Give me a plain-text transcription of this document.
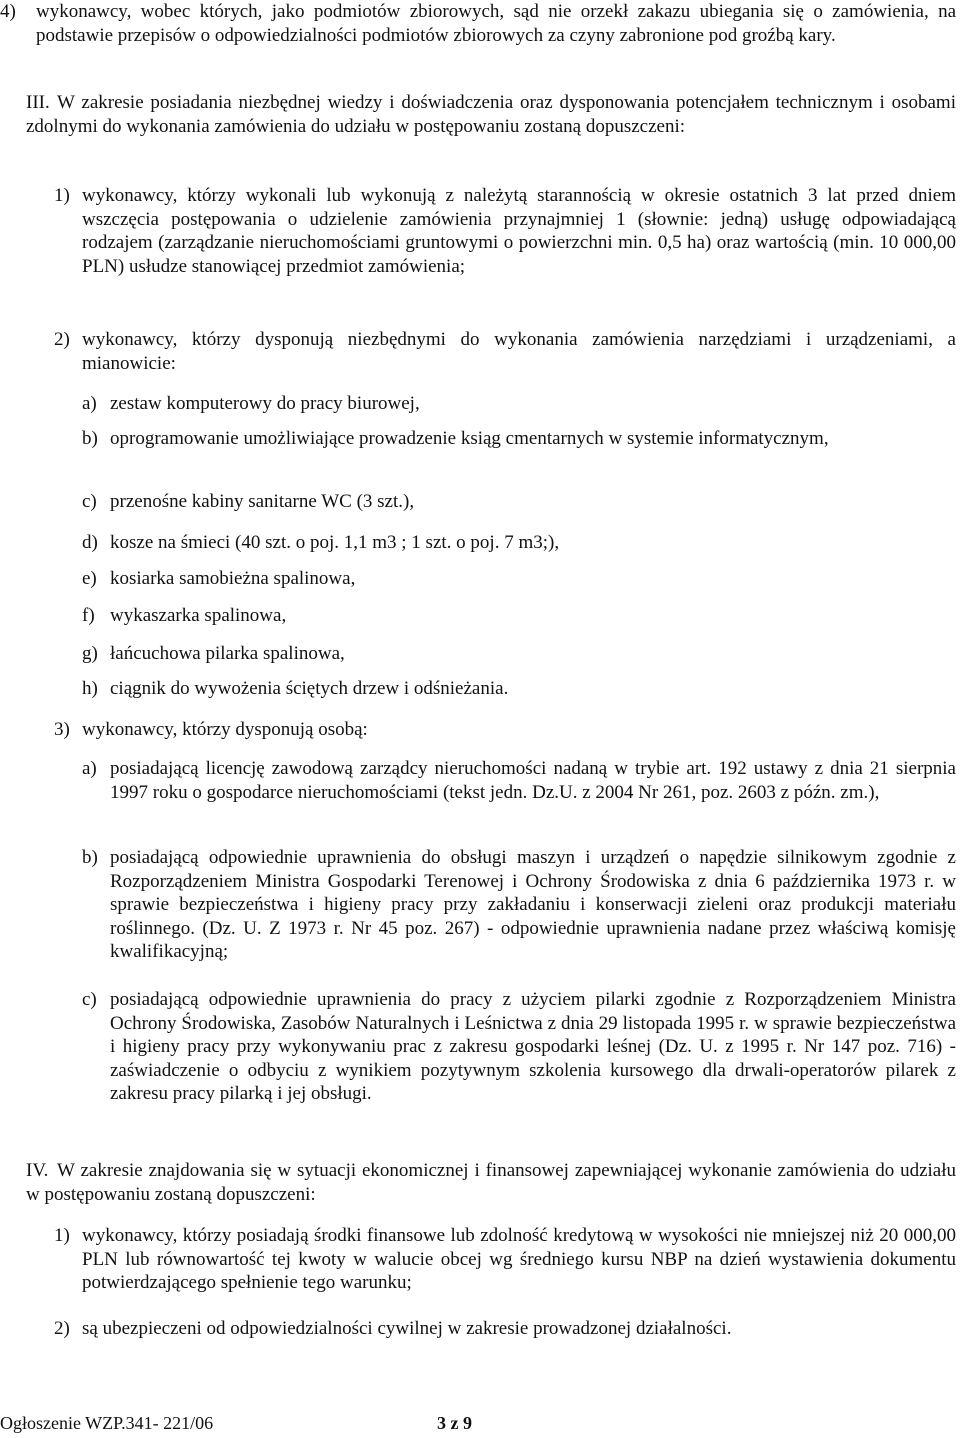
4) wykonawcy, wobec których, jako podmiotów zbiorowych, sąd nie orzekł zakazu ubiegania się o zamówienia, na podstawie przepisów o odpowiedzialności podmiotów zbiorowych za czyny zabronione pod groźbą kary.
III. W zakresie posiadania niezbędnej wiedzy i doświadczenia oraz dysponowania potencjałem technicznym i osobami zdolnymi do wykonania zamówienia do udziału w postępowaniu zostaną dopuszczeni:
1) wykonawcy, którzy wykonali lub wykonują z należytą starannością w okresie ostatnich 3 lat przed dniem wszczęcia postępowania o udzielenie zamówienia przynajmniej 1 (słownie: jedną) usługę odpowiadającą rodzajem (zarządzanie nieruchomościami gruntowymi o powierzchni min. 0,5 ha) oraz wartością (min. 10 000,00 PLN) usłudze stanowiącej przedmiot zamówienia;
2) wykonawcy, którzy dysponują niezbędnymi do wykonania zamówienia narzędziami i urządzeniami, a mianowicie:
a) zestaw komputerowy do pracy biurowej,
b) oprogramowanie umożliwiające prowadzenie ksiąg cmentarnych w systemie informatycznym,
c) przenośne kabiny sanitarne WC (3 szt.),
d) kosze na śmieci (40 szt. o poj. 1,1 m3 ; 1 szt. o poj. 7 m3;),
e) kosiarka samobieżna spalinowa,
f) wykaszarka spalinowa,
g) łańcuchowa pilarka spalinowa,
h) ciągnik do wywożenia ściętych drzew i odśnieżania.
3) wykonawcy, którzy dysponują osobą:
a) posiadającą licencję zawodową zarządcy nieruchomości nadaną w trybie art. 192 ustawy z dnia 21 sierpnia 1997 roku o gospodarce nieruchomościami (tekst jedn. Dz.U. z 2004 Nr 261, poz. 2603 z późn. zm.),
b) posiadającą odpowiednie uprawnienia do obsługi maszyn i urządzeń o napędzie silnikowym zgodnie z Rozporządzeniem Ministra Gospodarki Terenowej i Ochrony Środowiska z dnia 6 października 1973 r. w sprawie bezpieczeństwa i higieny pracy przy zakładaniu i konserwacji zieleni oraz produkcji materiału roślinnego. (Dz. U. Z 1973 r. Nr 45 poz. 267) - odpowiednie uprawnienia nadane przez właściwą komisję kwalifikacyjną;
c) posiadającą odpowiednie uprawnienia do pracy z użyciem pilarki zgodnie z Rozporządzeniem Ministra Ochrony Środowiska, Zasobów Naturalnych i Leśnictwa z dnia 29 listopada 1995 r. w sprawie bezpieczeństwa i higieny pracy przy wykonywaniu prac z zakresu gospodarki leśnej (Dz. U. z 1995 r. Nr 147 poz. 716) - zaświadczenie o odbyciu z wynikiem pozytywnym szkolenia kursowego dla drwali-operatorów pilarek z zakresu pracy pilarką i jej obsługi.
IV. W zakresie znajdowania się w sytuacji ekonomicznej i finansowej zapewniającej wykonanie zamówienia do udziału w postępowaniu zostaną dopuszczeni:
1) wykonawcy, którzy posiadają środki finansowe lub zdolność kredytową w wysokości nie mniejszej niż 20 000,00 PLN lub równowartość tej kwoty w walucie obcej wg średniego kursu NBP na dzień wystawienia dokumentu potwierdzającego spełnienie tego warunku;
2) są ubezpieczeni od odpowiedzialności cywilnej w zakresie prowadzonej działalności.
Ogłoszenie WZP.341- 221/06	3 z 9
